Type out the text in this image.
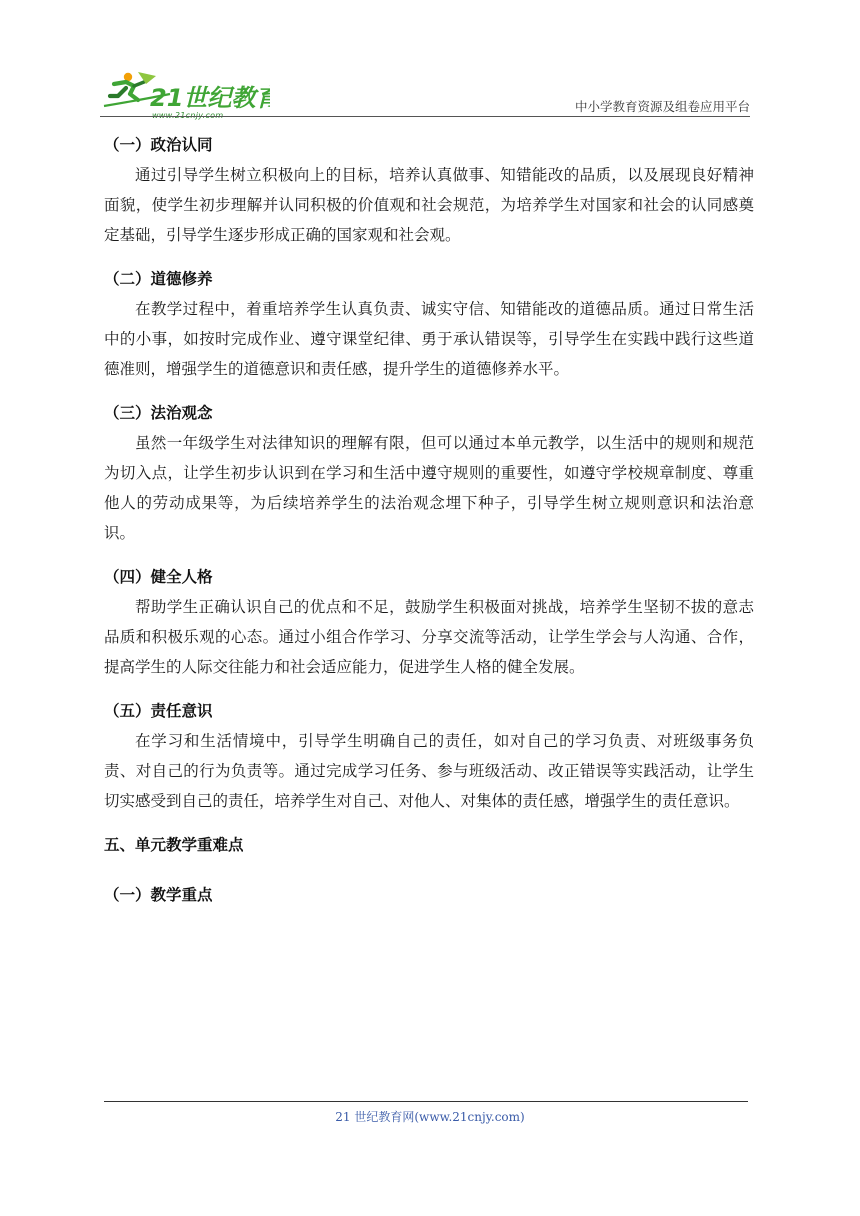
21世纪教育	中小学教育资源及组卷应用平台

（一）政治认同

通过引导学生树立积极向上的目标，培养认真做事、知错能改的品质，以及展现良好精神面貌，使学生初步理解并认同积极的价值观和社会规范，为培养学生对国家和社会的认同感奠定基础，引导学生逐步形成正确的国家观和社会观。

（二）道德修养

在教学过程中，着重培养学生认真负责、诚实守信、知错能改的道德品质。通过日常生活中的小事，如按时完成作业、遵守课堂纪律、勇于承认错误等，引导学生在实践中践行这些道德准则，增强学生的道德意识和责任感，提升学生的道德修养水平。

（三）法治观念

虽然一年级学生对法律知识的理解有限，但可以通过本单元教学，以生活中的规则和规范为切入点，让学生初步认识到在学习和生活中遵守规则的重要性，如遵守学校规章制度、尊重他人的劳动成果等，为后续培养学生的法治观念埋下种子，引导学生树立规则意识和法治意识。

（四）健全人格

帮助学生正确认识自己的优点和不足，鼓励学生积极面对挑战，培养学生坚韧不拔的意志品质和积极乐观的心态。通过小组合作学习、分享交流等活动，让学生学会与人沟通、合作，提高学生的人际交往能力和社会适应能力，促进学生人格的健全发展。

（五）责任意识

在学习和生活情境中，引导学生明确自己的责任，如对自己的学习负责、对班级事务负责、对自己的行为负责等。通过完成学习任务、参与班级活动、改正错误等实践活动，让学生切实感受到自己的责任，培养学生对自己、对他人、对集体的责任感，增强学生的责任意识。

五、单元教学重难点

（一）教学重点

21 世纪教育网(www.21cnjy.com)
